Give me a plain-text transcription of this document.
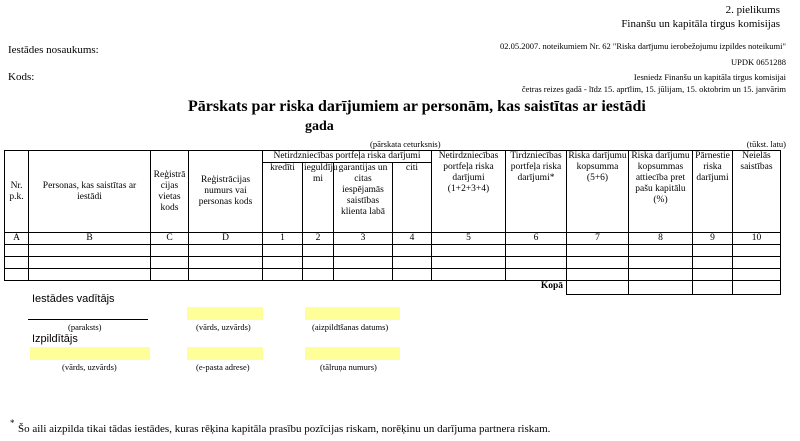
2. pielikums
Finanšu un kapitāla tirgus komisijas
Iestādes nosaukums:	02.05.2007. noteikumiem Nr. 62 "Riska darījumu ierobežojumu izpildes noteikumi"
UPDK 0651288
Kods:	Iesniedz Finanšu un kapitāla tirgus komisijai
četras reizes gadā - līdz 15. aprīlim, 15. jūlijam, 15. oktobrim un 15. janvārim
Pārskats par riska darījumiem ar personām, kas saistītas ar iestādi
gada
(pārskata ceturksnis)	(tūkst. latu)
Nr. p.k.	Personas, kas saistītas ar iestādi	Reģistrā cijas vietas kods	Reģistrācijas numurs vai personas kods	Netirdzniecības portfeļa riska darījumi				Netirdzniecības portfeļa riska darījumi (1+2+3+4)	Tirdzniecības portfeļa riska darījumi*	Riska darījumu kopsumma (5+6)	Riska darījumu kopsummas attiecība pret pašu kapitālu (%)	Pārnestie riska darījumi	Neielās saistības
				kredīti	ieguldīju mi	garantijas un citas iespējamās saistības klienta labā	citi						
A	B	C	D	1	2	3	4	5	6	7	8	9	10

Kopā													
Iestādes vadītājs
(paraksts)	(vārds, uzvārds)	(aizpildīšanas datums)
Izpildītājs
(vārds, uzvārds)	(e-pasta adrese)	(tālruņa numurs)
* Šo aili aizpilda tikai tādas iestādes, kuras rēķina kapitāla prasību pozīcijas riskam, norēķinu un darījuma partnera riskam.
